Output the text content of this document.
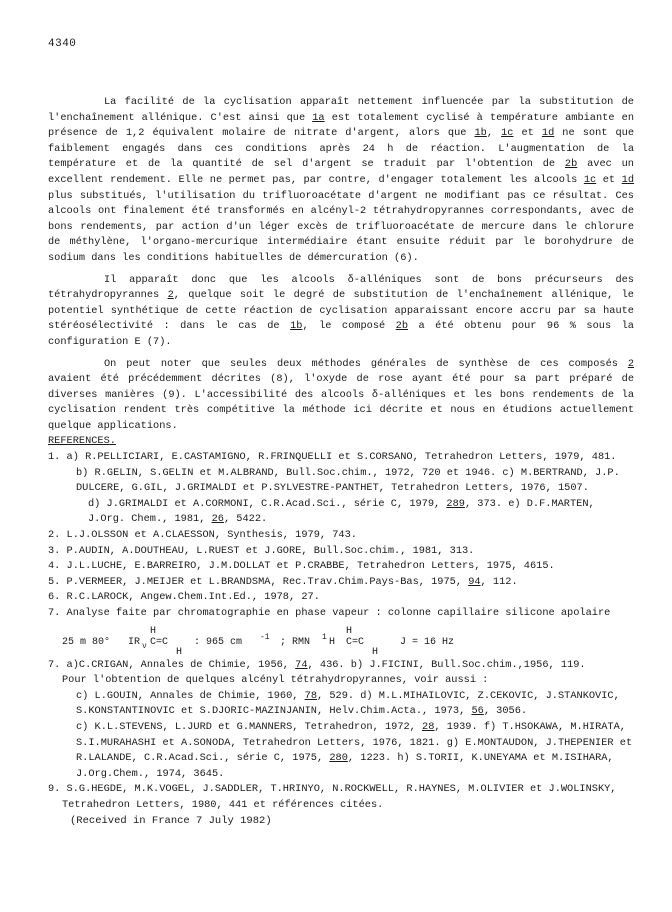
4340

La facilité de la cyclisation apparaît nettement influencée par la substitution de l'enchaînement allénique. C'est ainsi que 1a est totalement cyclisé à température ambiante en présence de 1,2 équivalent molaire de nitrate d'argent, alors que 1b, 1c et 1d ne sont que faiblement engagés dans ces conditions après 24 h de réaction. L'augmentation de la température et de la quantité de sel d'argent se traduit par l'obtention de 2b avec un excellent rendement. Elle ne permet pas, par contre, d'engager totalement les alcools 1c et 1d plus substitués, l'utilisation du trifluoroacétate d'argent ne modifiant pas ce résultat. Ces alcools ont finalement été transformés en alcényl-2 tétrahydropyrannes correspondants, avec de bons rendements, par action d'un léger excès de trifluoroacétate de mercure dans le chlorure de méthylène, l'organo-mercurique intermédiaire étant ensuite réduit par le borohydrure de sodium dans les conditions habituelles de démercuration (6).

Il apparaît donc que les alcools δ-alléniques sont de bons précurseurs des tétrahydropyrannes 2, quelque soit le degré de substitution de l'enchaînement allénique, le potentiel synthétique de cette réaction de cyclisation apparaissant encore accru par sa haute stéréosélectivité : dans le cas de 1b, le composé 2b a été obtenu pour 96 % sous la configuration E (7).

On peut noter que seules deux méthodes générales de synthèse de ces composés 2 avaient été précédemment décrites (8), l'oxyde de rose ayant été pour sa part préparé de diverses manières (9). L'accessibilité des alcools δ-alléniques et les bons rendements de la cyclisation rendent très compétitive la méthode ici décrite et nous en étudions actuellement quelque applications.

REFERENCES.

1. a) R.PELLICIARI, E.CASTAMIGNO, R.FRINQUELLI et S.CORSANO, Tetrahedron Letters, 1979, 481.

b) R.GELIN, S.GELIN et M.ALBRAND, Bull.Soc.chim., 1972, 720 et 1946. c) M.BERTRAND, J.P. DULCERE, G.GIL, J.GRIMALDI et P.SYLVESTRE-PANTHET, Tetrahedron Letters, 1976, 1507.

d) J.GRIMALDI et A.CORMONI, C.R.Acad.Sci., série C, 1979, 289, 373. e) D.F.MARTEN, J.Org. Chem., 1981, 26, 5422.

2. L.J.OLSSON et A.CLAESSON, Synthesis, 1979, 743.

3. P.AUDIN, A.DOUTHEAU, L.RUEST et J.GORE, Bull.Soc.chim., 1981, 313.

4. J.L.LUCHE, E.BARREIRO, J.M.DOLLAT et P.CRABBE, Tetrahedron Letters, 1975, 4615.

5. P.VERMEER, J.MEIJER et L.BRANDSMA, Rec.Trav.Chim.Pays-Bas, 1975, 94, 112.

6. R.C.LAROCK, Angew.Chem.Int.Ed., 1978, 27.

7. Analyse faite par chromatographie en phase vapeur : colonne capillaire silicone apolaire

25 m 80° IR ν
H
C=C
H
: 965 cm -1 ; RMN 1 H
H
C=C
H
J = 16 Hz

7. a)C.CRIGAN, Annales de Chimie, 1956, 74, 436. b) J.FICINI, Bull.Soc.chim.,1956, 119.

Pour l'obtention de quelques alcényl tétrahydropyrannes, voir aussi :

c) L.GOUIN, Annales de Chimie, 1960, 78, 529. d) M.L.MIHAILOVIC, Z.CEKOVIC, J.STANKOVIC, S.KONSTANTINOVIC et S.DJORIC-MAZINJANIN, Helv.Chim.Acta., 1973, 56, 3056.

c) K.L.STEVENS, L.JURD et G.MANNERS, Tetrahedron, 1972, 28, 1939. f) T.HSOKAWA, M.HIRATA, S.I.MURAHASHI et A.SONODA, Tetrahedron Letters, 1976, 1821. g) E.MONTAUDON, J.THEPENIER et R.LALANDE, C.R.Acad.Sci., série C, 1975, 280, 1223. h) S.TORII, K.UNEYAMA et M.ISIHARA, J.Org.Chem., 1974, 3645.

9. S.G.HEGDE, M.K.VOGEL, J.SADDLER, T.HRINYO, N.ROCKWELL, R.HAYNES, M.OLIVIER et J.WOLINSKY, Tetrahedron Letters, 1980, 441 et références citées.

(Received in France 7 July 1982)
